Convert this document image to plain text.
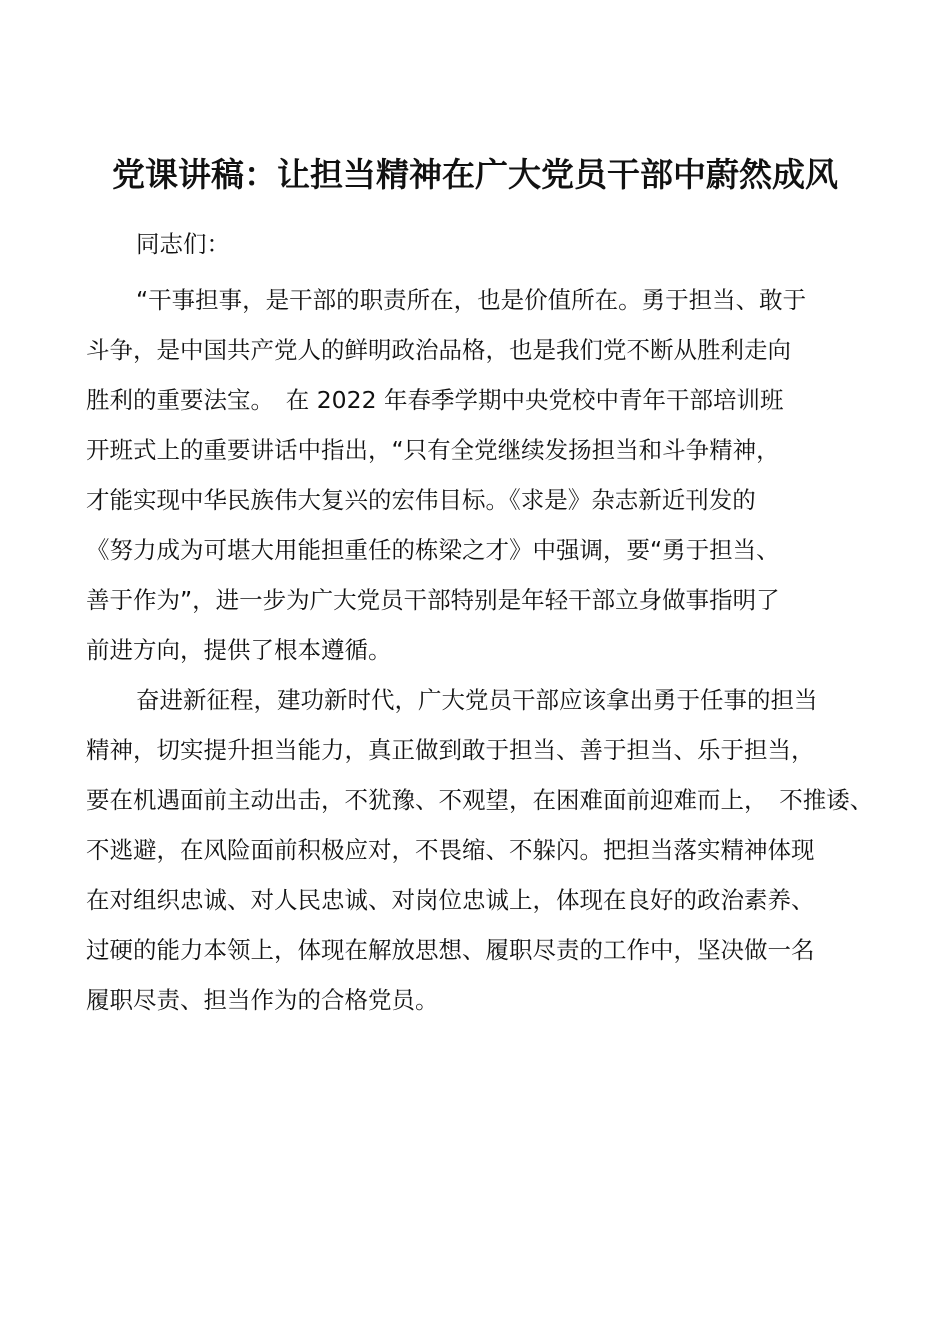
党课讲稿：让担当精神在广大党员干部中蔚然成风

同志们：

“干事担事，是干部的职责所在，也是价值所在。勇于担当、敢于

斗争，是中国共产党人的鲜明政治品格，也是我们党不断从胜利走向

胜利的重要法宝。　在 2022 年春季学期中央党校中青年干部培训班

开班式上的重要讲话中指出，“只有全党继续发扬担当和斗争精神，

才能实现中华民族伟大复兴的宏伟目标。《求是》杂志新近刊发的

《努力成为可堪大用能担重任的栋梁之才》中强调，要“勇于担当、

善于作为”，进一步为广大党员干部特别是年轻干部立身做事指明了

前进方向，提供了根本遵循。

奋进新征程，建功新时代，广大党员干部应该拿出勇于任事的担当

精神，切实提升担当能力，真正做到敢于担当、善于担当、乐于担当，

要在机遇面前主动出击，不犹豫、不观望，在困难面前迎难而上，　不推诿、

不逃避，在风险面前积极应对，不畏缩、不躲闪。把担当落实精神体现

在对组织忠诚、对人民忠诚、对岗位忠诚上，体现在良好的政治素养、

过硬的能力本领上，体现在解放思想、履职尽责的工作中，坚决做一名

履职尽责、担当作为的合格党员。
